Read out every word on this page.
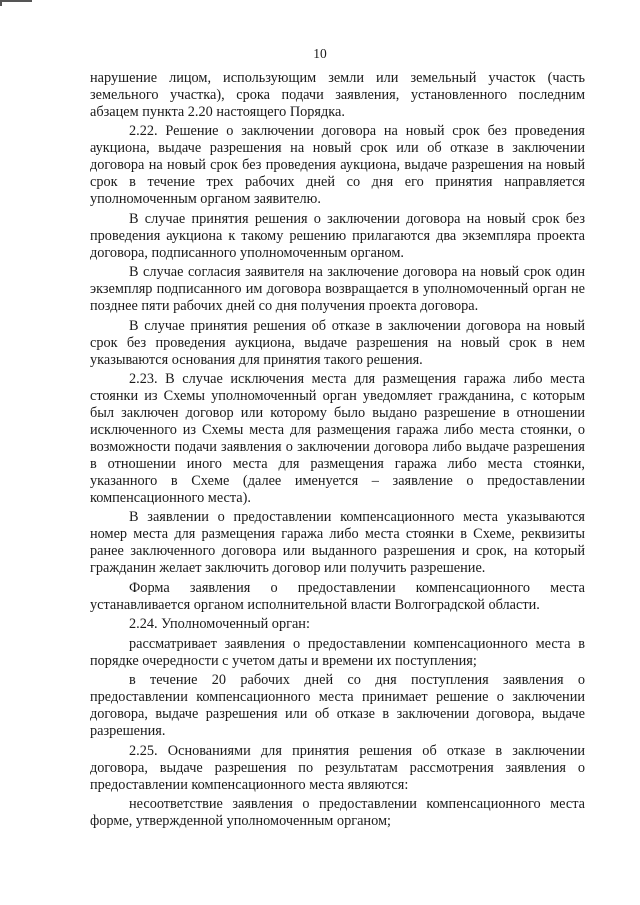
10

нарушение лицом, использующим земли или земельный участок (часть земельного участка), срока подачи заявления, установленного последним абзацем пункта 2.20 настоящего Порядка.

2.22. Решение о заключении договора на новый срок без проведения аукциона, выдаче разрешения на новый срок или об отказе в заключении договора на новый срок без проведения аукциона, выдаче разрешения на новый срок в течение трех рабочих дней со дня его принятия направляется уполномоченным органом заявителю.

В случае принятия решения о заключении договора на новый срок без проведения аукциона к такому решению прилагаются два экземпляра проекта договора, подписанного уполномоченным органом.

В случае согласия заявителя на заключение договора на новый срок один экземпляр подписанного им договора возвращается в уполномоченный орган не позднее пяти рабочих дней со дня получения проекта договора.

В случае принятия решения об отказе в заключении договора на новый срок без проведения аукциона, выдаче разрешения на новый срок в нем указываются основания для принятия такого решения.

2.23. В случае исключения места для размещения гаража либо места стоянки из Схемы уполномоченный орган уведомляет гражданина, с которым был заключен договор или которому было выдано разрешение в отношении исключенного из Схемы места для размещения гаража либо места стоянки, о возможности подачи заявления о заключении договора либо выдаче разрешения в отношении иного места для размещения гаража либо места стоянки, указанного в Схеме (далее именуется – заявление о предоставлении компенсационного места).

В заявлении о предоставлении компенсационного места указываются номер места для размещения гаража либо места стоянки в Схеме, реквизиты ранее заключенного договора или выданного разрешения и срок, на который гражданин желает заключить договор или получить разрешение.

Форма заявления о предоставлении компенсационного места устанавливается органом исполнительной власти Волгоградской области.

2.24. Уполномоченный орган:

рассматривает заявления о предоставлении компенсационного места в порядке очередности с учетом даты и времени их поступления;

в течение 20 рабочих дней со дня поступления заявления о предоставлении компенсационного места принимает решение о заключении договора, выдаче разрешения или об отказе в заключении договора, выдаче разрешения.

2.25. Основаниями для принятия решения об отказе в заключении договора, выдаче разрешения по результатам рассмотрения заявления о предоставлении компенсационного места являются:

несоответствие заявления о предоставлении компенсационного места форме, утвержденной уполномоченным органом;
